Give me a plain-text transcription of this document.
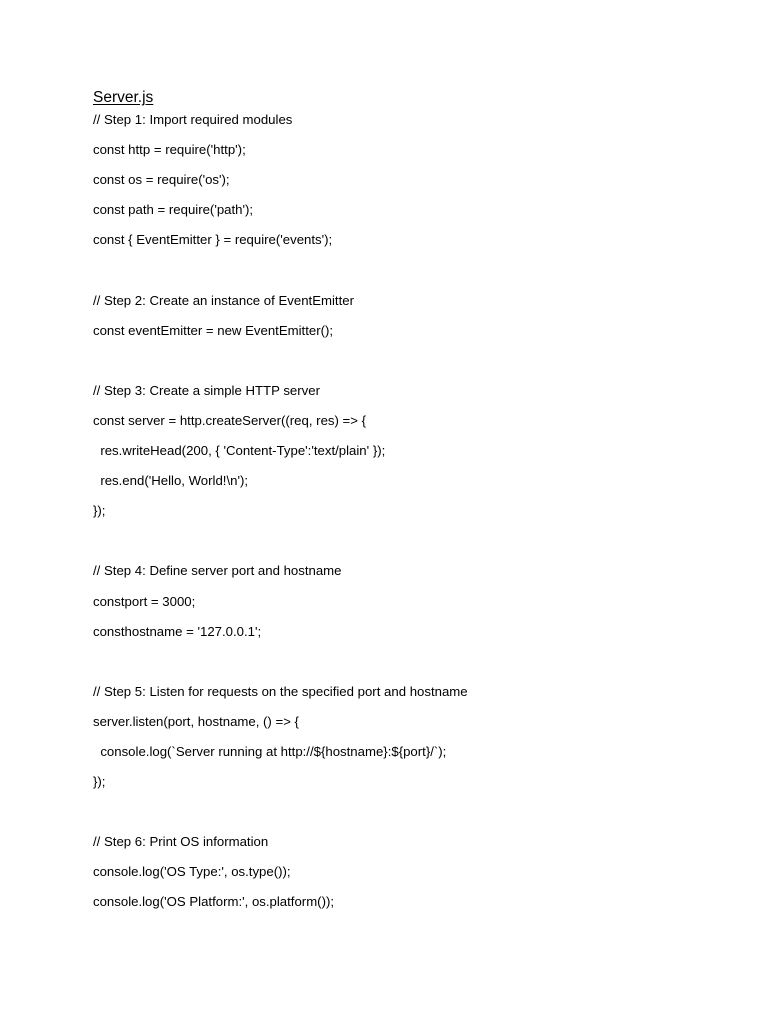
Server.js
// Step 1: Import required modules
const http = require('http');
const os = require('os');
const path = require('path');
const { EventEmitter } = require('events');
// Step 2: Create an instance of EventEmitter
const eventEmitter = new EventEmitter();
// Step 3: Create a simple HTTP server
const server = http.createServer((req, res) => {
res.writeHead(200, { 'Content-Type':'text/plain' });
res.end('Hello, World!\n');
});
// Step 4: Define server port and hostname
constport = 3000;
consthostname = '127.0.0.1';
// Step 5: Listen for requests on the specified port and hostname
server.listen(port, hostname, () => {
console.log(`Server running at http://${hostname}:${port}/`);
});
// Step 6: Print OS information
console.log('OS Type:', os.type());
console.log('OS Platform:', os.platform());
